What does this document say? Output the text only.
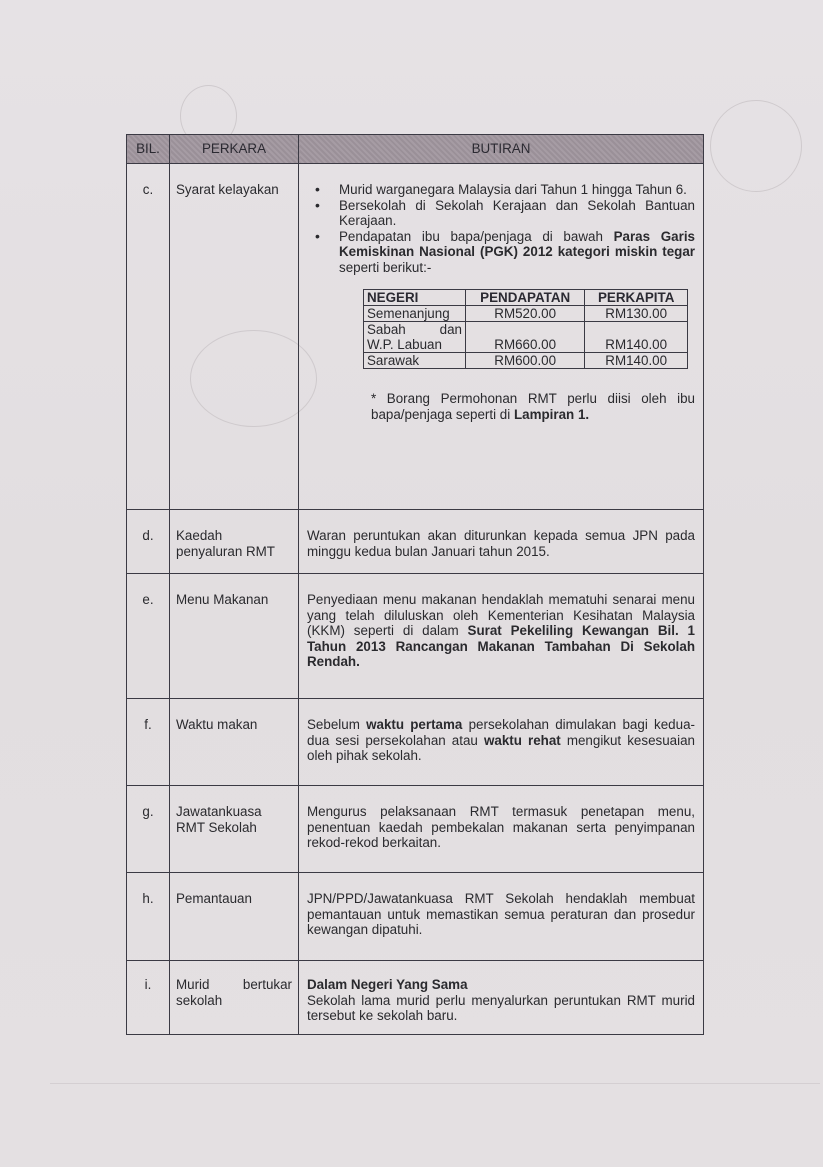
BIL.	PERKARA	BUTIRAN
c.	Syarat kelayakan	
•Murid warganegara Malaysia dari Tahun 1 hingga Tahun 6.
• Bersekolah di Sekolah Kerajaan dan Sekolah Bantuan Kerajaan.
• Pendapatan ibu bapa/penjaga di bawah Paras Garis Kemiskinan Nasional (PGK) 2012 kategori miskin tegar seperti berikut:-
NEGERI	PENDAPATAN	PERKAPITA
Semenanjung	RM520.00	RM130.00
Sabah dan W.P. Labuan	RM660.00	RM140.00
Sarawak	RM600.00	RM140.00
* Borang Permohonan RMT perlu diisi oleh ibu bapa/penjaga seperti di Lampiran 1.

d.	Kaedah penyaluran RMT	Waran peruntukan akan diturunkan kepada semua JPN pada minggu kedua bulan Januari tahun 2015.
e.	Menu Makanan	Penyediaan menu makanan hendaklah mematuhi senarai menu yang telah diluluskan oleh Kementerian Kesihatan Malaysia (KKM) seperti di dalam Surat Pekeliling Kewangan Bil. 1 Tahun 2013 Rancangan Makanan Tambahan Di Sekolah Rendah.
f.	Waktu makan	Sebelum waktu pertama persekolahan dimulakan bagi kedua-dua sesi persekolahan atau waktu rehat mengikut kesesuaian oleh pihak sekolah.
g.	Jawatankuasa RMT Sekolah	Mengurus pelaksanaan RMT termasuk penetapan menu, penentuan kaedah pembekalan makanan serta penyimpanan rekod-rekod berkaitan.
h.	Pemantauan	JPN/PPD/Jawatankuasa RMT Sekolah hendaklah membuat pemantauan untuk memastikan semua peraturan dan prosedur kewangan dipatuhi.
i.	Murid bertukar sekolah	
Dalam Negeri Yang Sama
Sekolah lama murid perlu menyalurkan peruntukan RMT murid tersebut ke sekolah baru.
